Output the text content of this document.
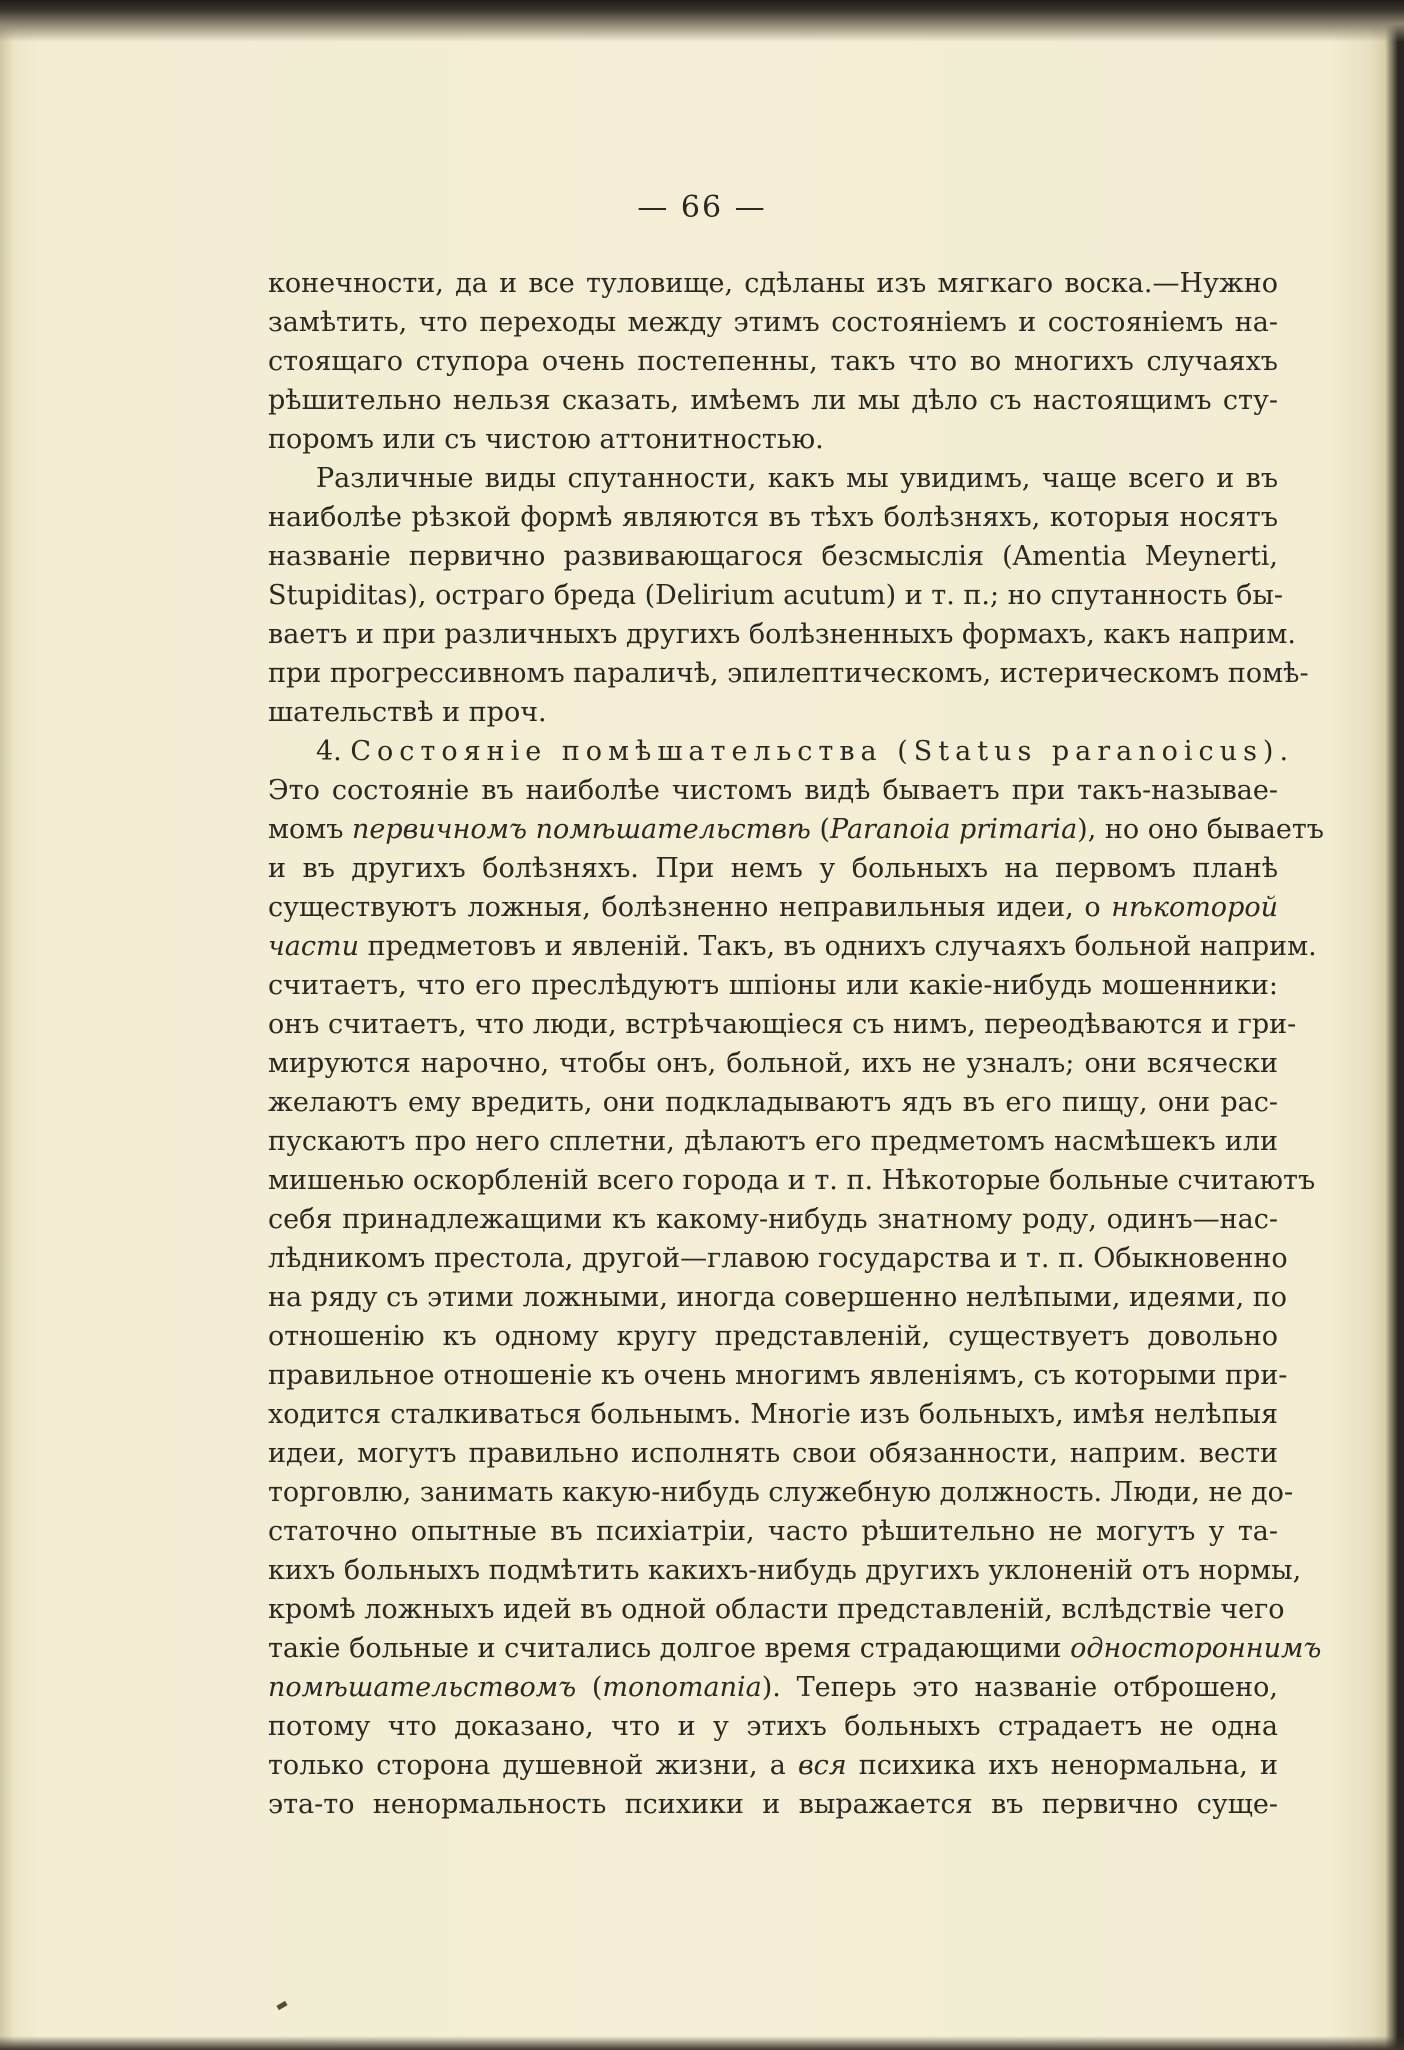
— 66 —
конечности, да и все туловище, сдѣланы изъ мягкаго воска.—Нужно
замѣтить, что переходы между этимъ состояніемъ и состояніемъ на-
стоящаго ступора очень постепенны, такъ что во многихъ случаяхъ
рѣшительно нельзя сказать, имѣемъ ли мы дѣло съ настоящимъ сту-
поромъ или съ чистою аттонитностью.
Различные виды спутанности, какъ мы увидимъ, чаще всего и въ
наиболѣе рѣзкой формѣ являются въ тѣхъ болѣзняхъ, которыя носятъ
названіе первично развивающагося безсмыслія (Amentia Meynerti,
Stupiditas), остраго бреда (Delirium acutum) и т. п.; но спутанность бы-
ваетъ и при различныхъ другихъ болѣзненныхъ формахъ, какъ наприм.
при прогрессивномъ параличѣ, эпилептическомъ, истерическомъ помѣ-
шательствѣ и проч.
4. Состояніе помѣшательства (Status paranoicus).
Это состояніе въ наиболѣе чистомъ видѣ бываетъ при такъ-называе-
момъ первичномъ помѣшательствѣ (Paranoia primaria), но оно бываетъ
и въ другихъ болѣзняхъ. При немъ у больныхъ на первомъ планѣ
существуютъ ложныя, болѣзненно неправильныя идеи, о нѣкоторой
части предметовъ и явленій. Такъ, въ однихъ случаяхъ больной наприм.
считаетъ, что его преслѣдуютъ шпіоны или какіе-нибудь мошенники:
онъ считаетъ, что люди, встрѣчающіеся съ нимъ, переодѣваются и гри-
мируются нарочно, чтобы онъ, больной, ихъ не узналъ; они всячески
желаютъ ему вредить, они подкладываютъ ядъ въ его пищу, они рас-
пускаютъ про него сплетни, дѣлаютъ его предметомъ насмѣшекъ или
мишенью оскорбленій всего города и т. п. Нѣкоторые больные считаютъ
себя принадлежащими къ какому-нибудь знатному роду, одинъ—нас-
лѣдникомъ престола, другой—главою государства и т. п. Обыкновенно
на ряду съ этими ложными, иногда совершенно нелѣпыми, идеями, по
отношенію къ одному кругу представленій, существуетъ довольно
правильное отношеніе къ очень многимъ явленіямъ, съ которыми при-
ходится сталкиваться больнымъ. Многіе изъ больныхъ, имѣя нелѣпыя
идеи, могутъ правильно исполнять свои обязанности, наприм. вести
торговлю, занимать какую-нибудь служебную должность. Люди, не до-
статочно опытные въ психіатріи, часто рѣшительно не могутъ у та-
кихъ больныхъ подмѣтить какихъ-нибудь другихъ уклоненій отъ нормы,
кромѣ ложныхъ идей въ одной области представленій, вслѣдствіе чего
такіе больные и считались долгое время страдающими одностороннимъ
помѣшательствомъ (monomania). Теперь это названіе отброшено,
потому что доказано, что и у этихъ больныхъ страдаетъ не одна
только сторона душевной жизни, а вся психика ихъ ненормальна, и
эта-то ненормальность психики и выражается въ первично суще-
